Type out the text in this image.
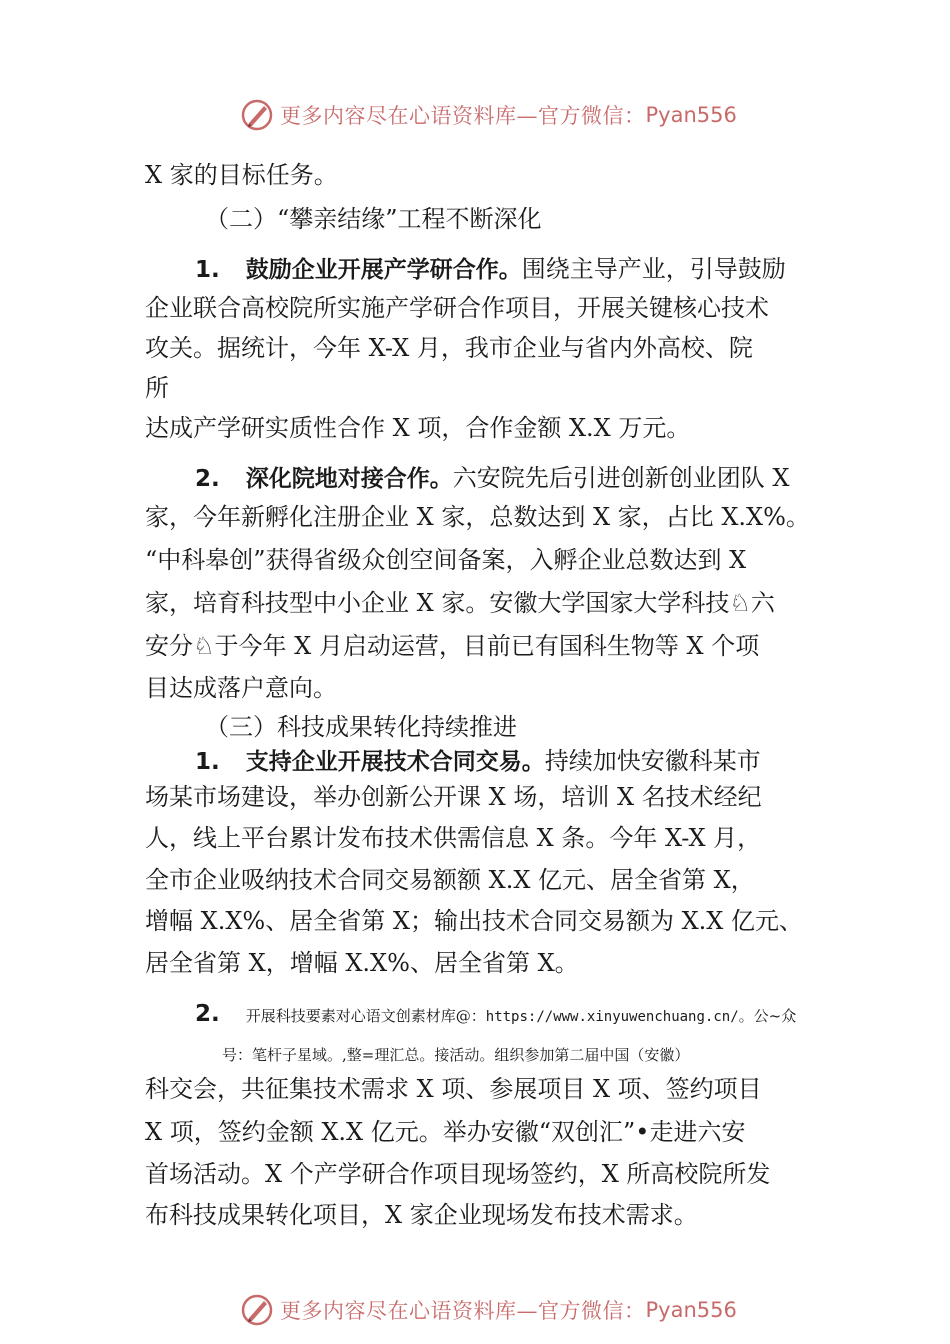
更多内容尽在心语资料库—官方微信： Pyan556
X 家的目标任务。
（二）“攀亲结缘”工程不断深化
1. 鼓励企业开展产学研合作。围绕主导产业，引导鼓励
企业联合高校院所实施产学研合作项目，开展关键核心技术
攻关。据统计，今年 X-X 月，我市企业与省内外高校、院
所
达成产学研实质性合作 X 项，合作金额 X.X 万元。
2. 深化院地对接合作。六安院先后引进创新创业团队 X
家，今年新孵化注册企业 X 家，总数达到 X 家，占比 X.X%。
“中科皋创”获得省级众创空间备案，入孵企业总数达到 X
家，培育科技型中小企业 X 家。安徽大学国家大学科技♘六
安分♘于今年 X 月启动运营，目前已有国科生物等 X 个项
目达成落户意向。
（三）科技成果转化持续推进
1. 支持企业开展技术合同交易。持续加快安徽科某市
场某市场建设，举办创新公开课 X 场，培训 X 名技术经纪
人，线上平台累计发布技术供需信息 X 条。今年 X-X 月，
全市企业吸纳技术合同交易额额 X.X 亿元、居全省第 X，
增幅 X.X%、居全省第 X；输出技术合同交易额为 X.X 亿元、
居全省第 X，增幅 X.X%、居全省第 X。
2. 开展科技要素对心语文创素材库@：https://www.xinyuwenchuang.cn/。公~众
号：笔杆子星域。,整=理汇总。接活动。组织参加第二届中国（安徽）
科交会，共征集技术需求 X 项、参展项目 X 项、签约项目
X 项，签约金额 X.X 亿元。举办安徽“双创汇”•走进六安
首场活动。X 个产学研合作项目现场签约，X 所高校院所发
布科技成果转化项目，X 家企业现场发布技术需求。
更多内容尽在心语资料库—官方微信： Pyan556
